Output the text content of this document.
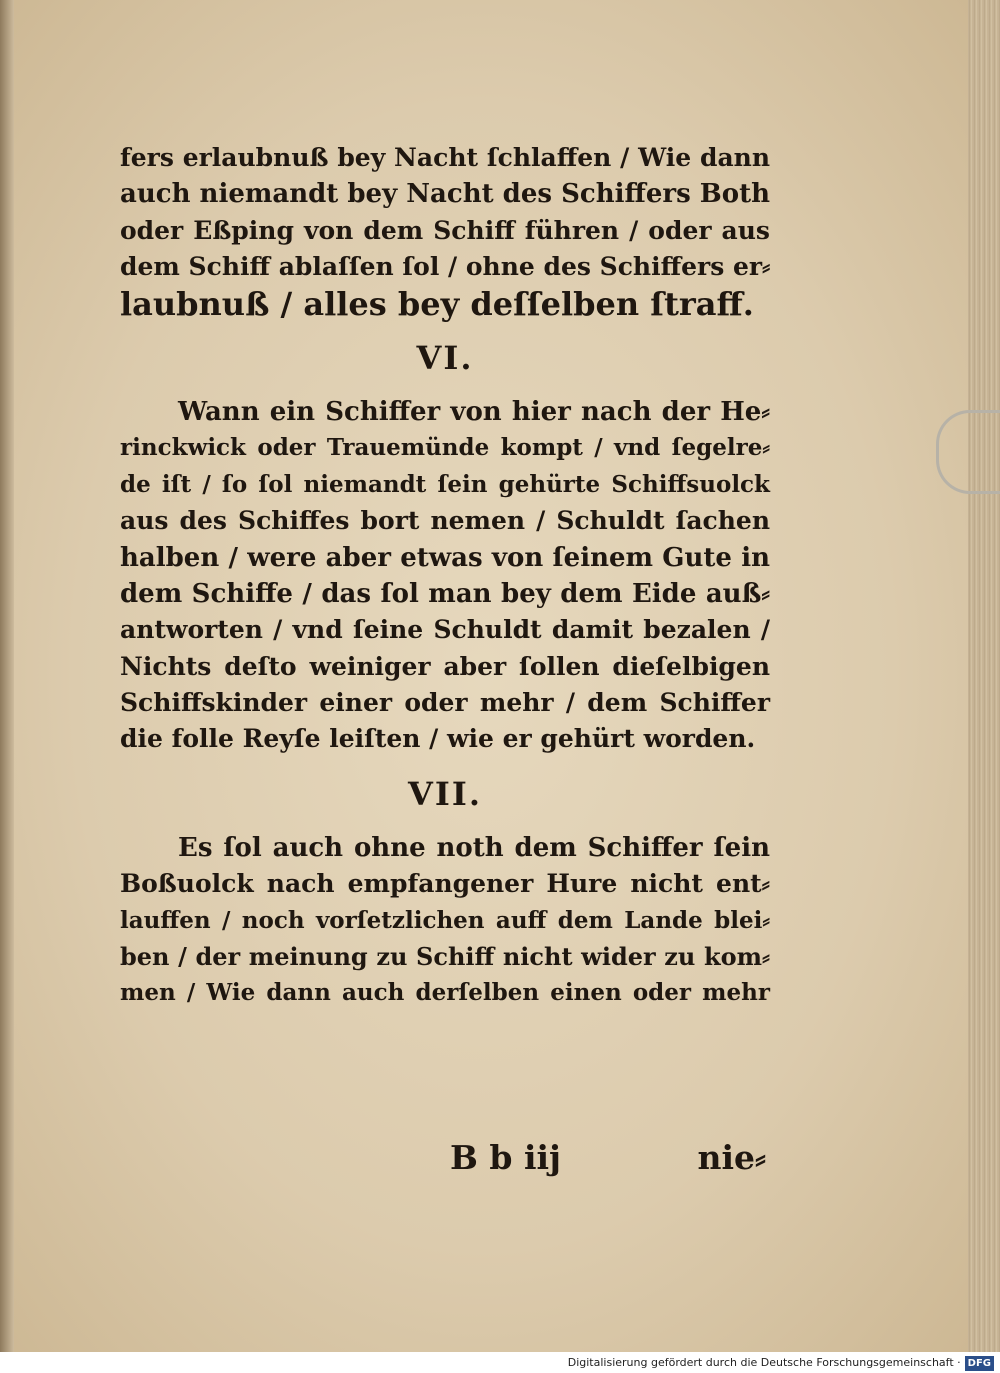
fers erlaubnuß bey Nacht ſchlaffen / Wie dann
auch niemandt bey Nacht des Schiffers Both
oder Eßping von dem Schiff führen / oder aus
dem Schiff ablaſſen ſol / ohne des Schiffers er⸗
laubnuß / alles bey deſſelben ſtraff.
VI.
Wann ein Schiffer von hier nach der He⸗
rinckwick oder Trauemünde kompt / vnd ſegelre⸗
de iſt / ſo ſol niemandt ſein gehürte Schiffsuolck
aus des Schiffes bort nemen / Schuldt ſachen
halben / were aber etwas von ſeinem Gute in
dem Schiffe / das ſol man bey dem Eide auß⸗
antworten / vnd ſeine Schuldt damit bezalen /
Nichts deſto weiniger aber ſollen dieſelbigen
Schiffskinder einer oder mehr / dem Schiffer
die folle Reyſe leiſten / wie er gehürt worden.
VII.
Es ſol auch ohne noth dem Schiffer ſein
Boßuolck nach empfangener Hure nicht ent⸗
lauffen / noch vorſetzlichen auff dem Lande blei⸗
ben / der meinung zu Schiff nicht wider zu kom⸗
men / Wie dann auch derſelben einen oder mehr
B b iij	nie⸗
Digitalisierung gefördert durch die Deutsche Forschungsgemeinschaft · DFG
